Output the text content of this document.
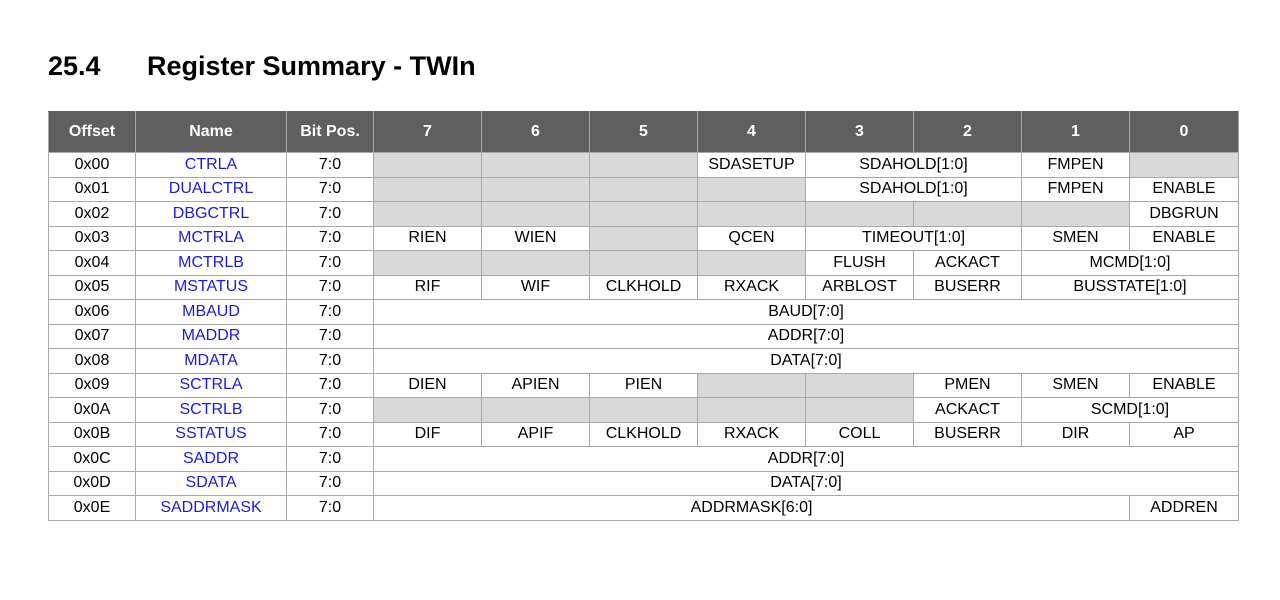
25.4	Register Summary - TWIn
Offset	Name	Bit Pos.	7	6	5	4	3	2	1	0
0x00	CTRLA	7:0				SDASETUP	SDAHOLD[1:0]		FMPEN	
0x01	DUALCTRL	7:0					SDAHOLD[1:0]		FMPEN	ENABLE
0x02	DBGCTRL	7:0								DBGRUN
0x03	MCTRLA	7:0	RIEN	WIEN		QCEN	TIMEOUT[1:0]		SMEN	ENABLE
0x04	MCTRLB	7:0					FLUSH	ACKACT	MCMD[1:0]	
0x05	MSTATUS	7:0	RIF	WIF	CLKHOLD	RXACK	ARBLOST	BUSERR	BUSSTATE[1:0]	
0x06	MBAUD	7:0	BAUD[7:0]							
0x07	MADDR	7:0	ADDR[7:0]							
0x08	MDATA	7:0	DATA[7:0]							
0x09	SCTRLA	7:0	DIEN	APIEN	PIEN			PMEN	SMEN	ENABLE
0x0A	SCTRLB	7:0						ACKACT	SCMD[1:0]	
0x0B	SSTATUS	7:0	DIF	APIF	CLKHOLD	RXACK	COLL	BUSERR	DIR	AP
0x0C	SADDR	7:0	ADDR[7:0]							
0x0D	SDATA	7:0	DATA[7:0]							
0x0E	SADDRMASK	7:0	ADDRMASK[6:0]							ADDREN
